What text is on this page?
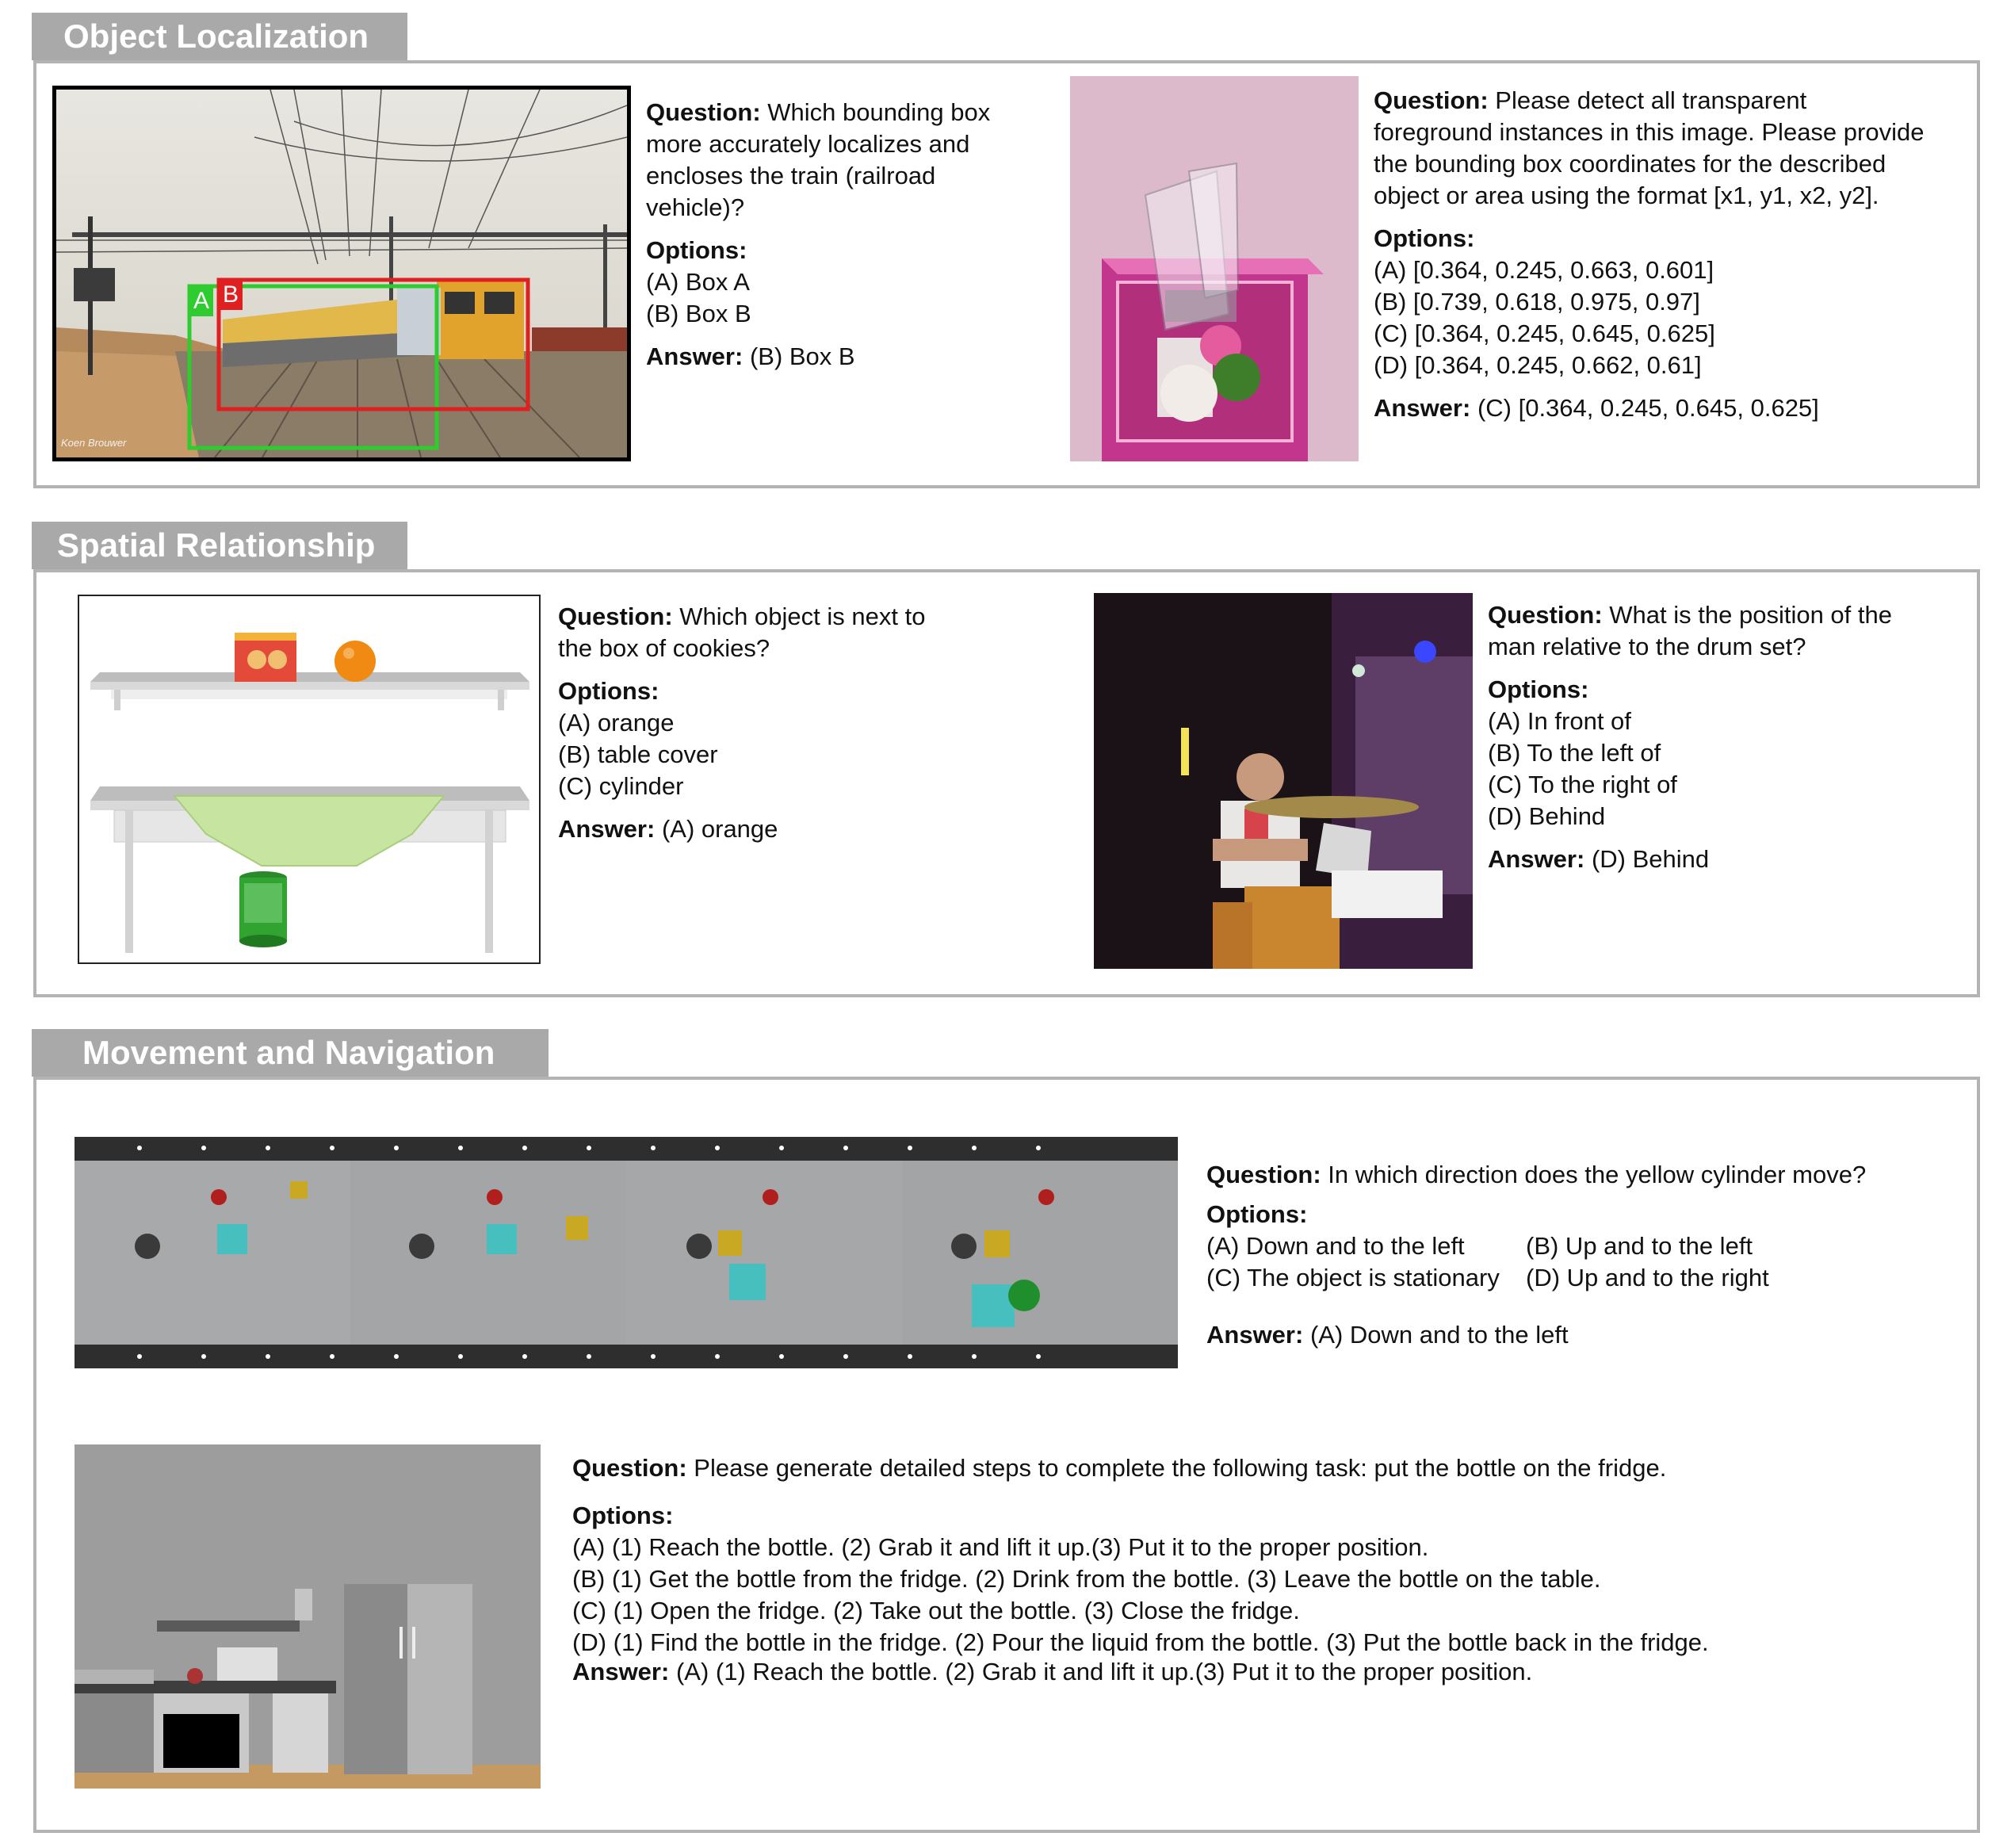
Object Localization
A B
Koen Brouwer

Question: Which bounding box

more accurately localizes and

encloses the train (railroad

vehicle)?

Options:

(A) Box A

(B) Box B

Answer: (B) Box B

Question: Please detect all transparent

foreground instances in this image. Please provide

the bounding box coordinates for the described

object or area using the format [x1, y1, x2, y2].

Options:

(A) [0.364, 0.245, 0.663, 0.601]

(B) [0.739, 0.618, 0.975, 0.97]

(C) [0.364, 0.245, 0.645, 0.625]

(D) [0.364, 0.245, 0.662, 0.61]

Answer: (C) [0.364, 0.245, 0.645, 0.625]

Spatial Relationship

Question: Which object is next to

the box of cookies?

Options:

(A) orange

(B) table cover

(C) cylinder

Answer: (A) orange

Question: What is the position of the

man relative to the drum set?

Options:

(A) In front of

(B) To the left of

(C) To the right of

(D) Behind

Answer: (D) Behind

Movement and Navigation

Question: In which direction does the yellow cylinder move?

Options:

(A) Down and to the left	(B) Up and to the left
(C) The object is stationary	(D) Up and to the right

Answer: (A) Down and to the left

Question: Please generate detailed steps to complete the following task: put the bottle on the fridge.

Options:

(A) (1) Reach the bottle. (2) Grab it and lift it up.(3) Put it to the proper position.

(B) (1) Get the bottle from the fridge. (2) Drink from the bottle. (3) Leave the bottle on the table.

(C) (1) Open the fridge. (2) Take out the bottle. (3) Close the fridge.

(D) (1) Find the bottle in the fridge. (2) Pour the liquid from the bottle. (3) Put the bottle back in the fridge.

Answer: (A) (1) Reach the bottle. (2) Grab it and lift it up.(3) Put it to the proper position.
